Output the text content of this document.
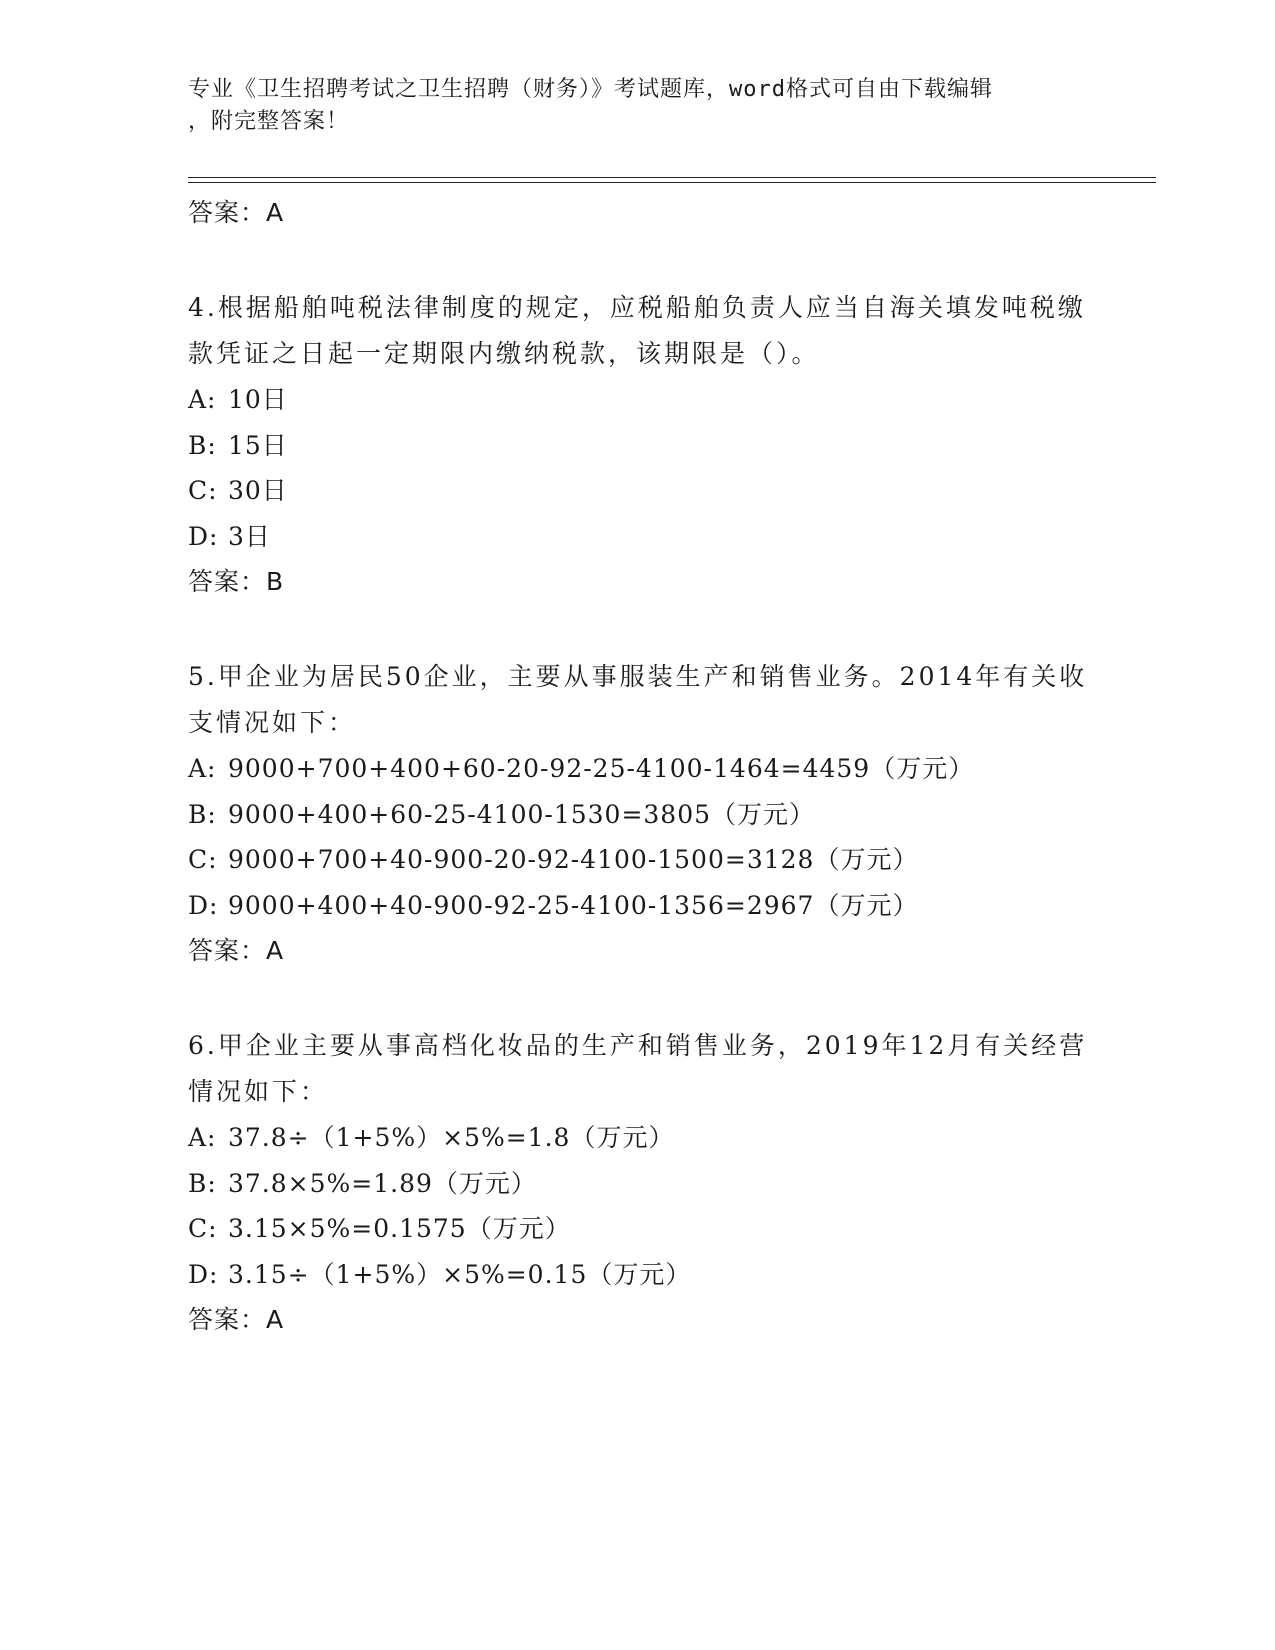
专业《卫生招聘考试之卫生招聘（财务）》考试题库，word格式可自由下载编辑
，附完整答案！
答案：A
4.根据船舶吨税法律制度的规定，应税船舶负责人应当自海关填发吨税缴款凭证之日起一定期限内缴纳税款，该期限是（）。
A: 10日
B: 15日
C: 30日
D: 3日
答案：B
5.甲企业为居民50企业，主要从事服装生产和销售业务。2014年有关收支情况如下：
A: 9000+700+400+60-20-92-25-4100-1464=4459（万元）
B: 9000+400+60-25-4100-1530=3805（万元）
C: 9000+700+40-900-20-92-4100-1500=3128（万元）
D: 9000+400+40-900-92-25-4100-1356=2967（万元）
答案：A
6.甲企业主要从事高档化妆品的生产和销售业务，2019年12月有关经营情况如下：
A: 37.8÷（1+5%）×5%=1.8（万元）
B: 37.8×5%=1.89（万元）
C: 3.15×5%=0.1575（万元）
D: 3.15÷（1+5%）×5%=0.15（万元）
答案：A
